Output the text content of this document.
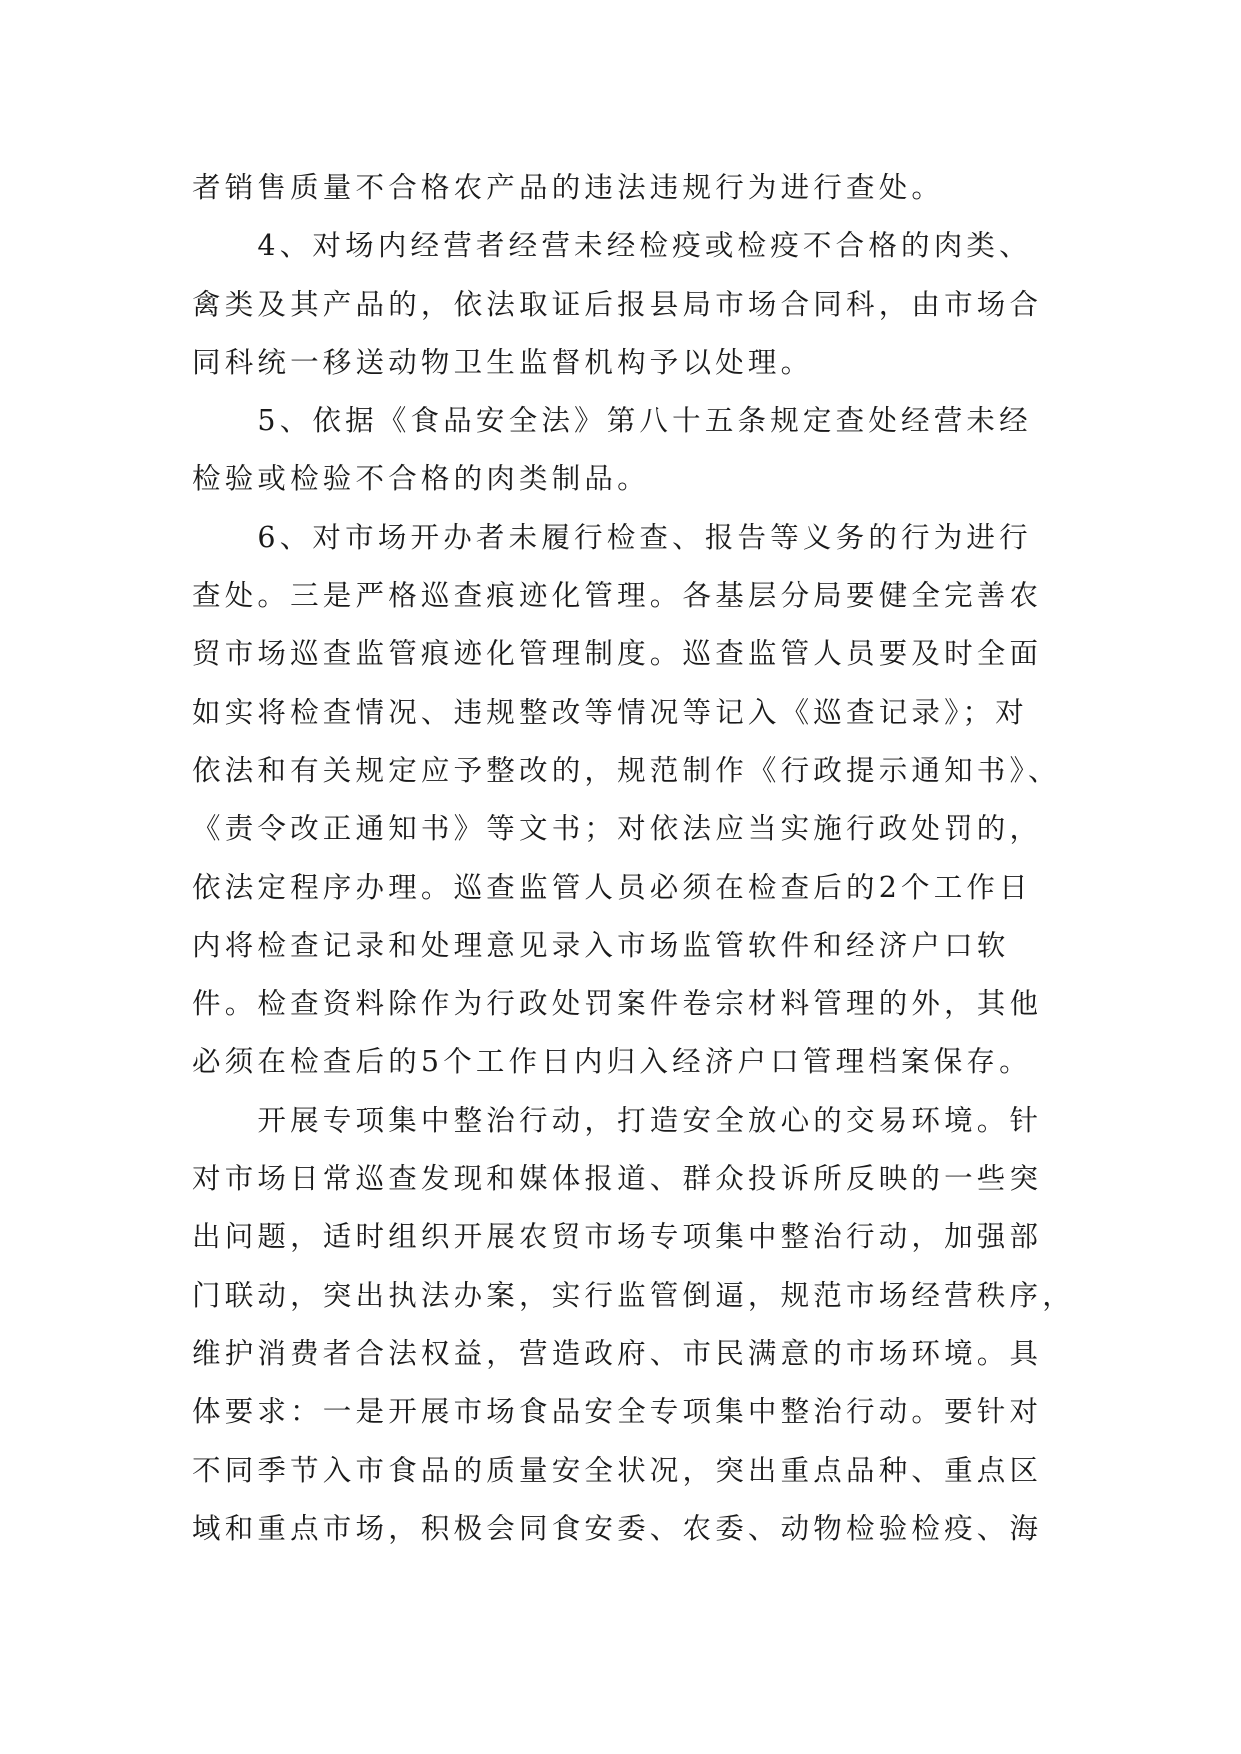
者销售质量不合格农产品的违法违规行为进行查处。
　　4、对场内经营者经营未经检疫或检疫不合格的肉类、
禽类及其产品的，依法取证后报县局市场合同科，由市场合
同科统一移送动物卫生监督机构予以处理。
　　5、依据《食品安全法》第八十五条规定查处经营未经
检验或检验不合格的肉类制品。
　　6、对市场开办者未履行检查、报告等义务的行为进行
查处。三是严格巡查痕迹化管理。各基层分局要健全完善农
贸市场巡查监管痕迹化管理制度。巡查监管人员要及时全面
如实将检查情况、违规整改等情况等记入《巡查记录》；对
依法和有关规定应予整改的，规范制作《行政提示通知书》、
《责令改正通知书》等文书；对依法应当实施行政处罚的，
依法定程序办理。巡查监管人员必须在检查后的2个工作日
内将检查记录和处理意见录入市场监管软件和经济户口软
件。检查资料除作为行政处罚案件卷宗材料管理的外，其他
必须在检查后的5个工作日内归入经济户口管理档案保存。
　　开展专项集中整治行动，打造安全放心的交易环境。针
对市场日常巡查发现和媒体报道、群众投诉所反映的一些突
出问题，适时组织开展农贸市场专项集中整治行动，加强部
门联动，突出执法办案，实行监管倒逼，规范市场经营秩序，
维护消费者合法权益，营造政府、市民满意的市场环境。具
体要求：一是开展市场食品安全专项集中整治行动。要针对
不同季节入市食品的质量安全状况，突出重点品种、重点区
域和重点市场，积极会同食安委、农委、动物检验检疫、海
